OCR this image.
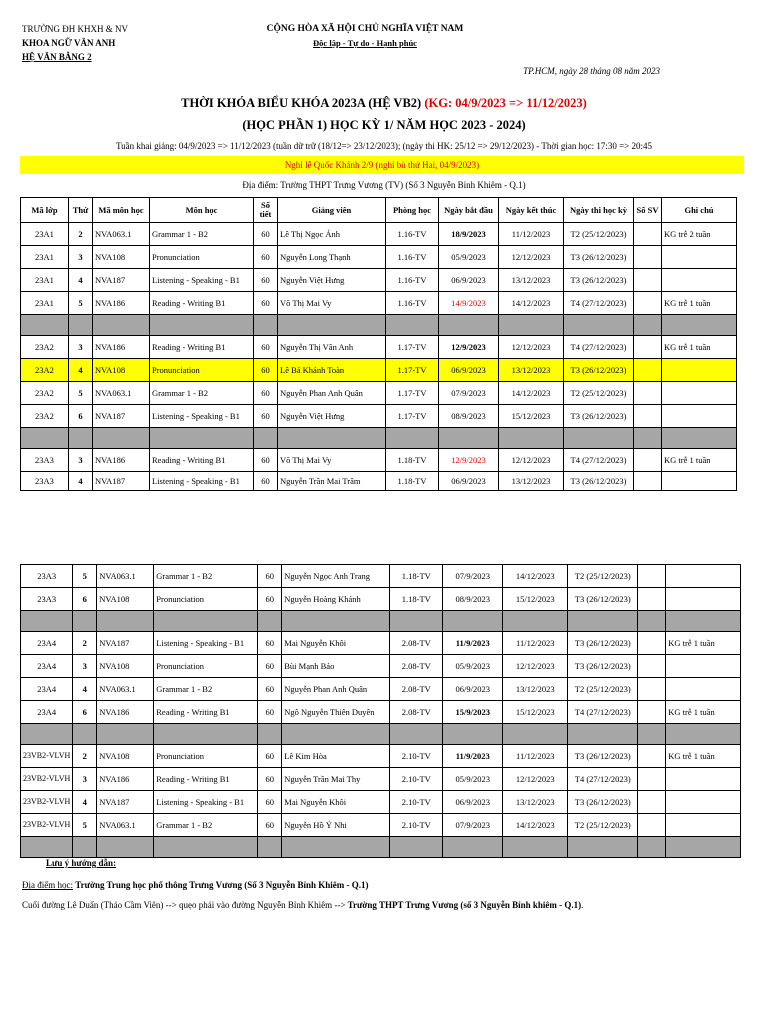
TRƯỜNG ĐH KHXH & NV
KHOA NGỮ VĂN ANH
HỆ VĂN BẰNG 2
CỘNG HÒA XÃ HỘI CHỦ NGHĨA VIỆT NAM
Độc lập - Tự do - Hạnh phúc
TP.HCM, ngày 28 tháng 08 năm 2023
THỜI KHÓA BIỂU KHÓA 2023A (HỆ VB2) (KG: 04/9/2023 => 11/12/2023)
(HỌC PHẦN 1) HỌC KỲ 1/ NĂM HỌC 2023 - 2024)
Tuần khai giảng: 04/9/2023 => 11/12/2023 (tuần dữ trữ (18/12=> 23/12/2023); (ngày thi HK: 25/12 => 29/12/2023) - Thời gian học: 17:30 => 20:45
Nghỉ lễ Quốc Khánh 2/9 (nghỉ bù thứ Hai, 04/9/2023)
Địa điểm: Trường THPT Trưng Vương (TV) (Số 3 Nguyễn Bỉnh Khiêm - Q.1)
Mã lớp	Thứ	Mã môn học	Môn học	Số tiết	Giảng viên	Phòng học	Ngày bắt đầu	Ngày kết thúc	Ngày thi học kỳ	Số SV	Ghi chú
23A1	2	NVA063.1	Grammar 1 - B2	60	Lê Thị Ngọc Ánh	1.16-TV	18/9/2023	11/12/2023	T2 (25/12/2023)		KG trễ 2 tuần
23A1	3	NVA108	Pronunciation	60	Nguyễn Long Thạnh	1.16-TV	05/9/2023	12/12/2023	T3 (26/12/2023)		
23A1	4	NVA187	Listening - Speaking - B1	60	Nguyễn Việt Hưng	1.16-TV	06/9/2023	13/12/2023	T3 (26/12/2023)		
23A1	5	NVA186	Reading - Writing B1	60	Võ Thị Mai Vy	1.16-TV	14/9/2023	14/12/2023	T4 (27/12/2023)		KG trễ 1 tuần

23A2	3	NVA186	Reading - Writing B1	60	Nguyễn Thị Vân Anh	1.17-TV	12/9/2023	12/12/2023	T4 (27/12/2023)		KG trễ 1 tuần
23A2	4	NVA108	Pronunciation	60	Lê Bá Khánh Toàn	1.17-TV	06/9/2023	13/12/2023	T3 (26/12/2023)		
23A2	5	NVA063.1	Grammar 1 - B2	60	Nguyễn Phan Anh Quân	1.17-TV	07/9/2023	14/12/2023	T2 (25/12/2023)		
23A2	6	NVA187	Listening - Speaking - B1	60	Nguyễn Việt Hưng	1.17-TV	08/9/2023	15/12/2023	T3 (26/12/2023)		

23A3	3	NVA186	Reading - Writing B1	60	Võ Thị Mai Vy	1.18-TV	12/9/2023	12/12/2023	T4 (27/12/2023)		KG trễ 1 tuần
23A3	4	NVA187	Listening - Speaking - B1	60	Nguyễn Trần Mai Trâm	1.18-TV	06/9/2023	13/12/2023	T3 (26/12/2023)		
23A3	5	NVA063.1	Grammar 1 - B2	60	Nguyễn Ngọc Anh Trang	1.18-TV	07/9/2023	14/12/2023	T2 (25/12/2023)		
23A3	6	NVA108	Pronunciation	60	Nguyễn Hoàng Khánh	1.18-TV	08/9/2023	15/12/2023	T3 (26/12/2023)		

23A4	2	NVA187	Listening - Speaking - B1	60	Mai Nguyễn Khôi	2.08-TV	11/9/2023	11/12/2023	T3 (26/12/2023)		KG trễ 1 tuần
23A4	3	NVA108	Pronunciation	60	Bùi Mạnh Bảo	2.08-TV	05/9/2023	12/12/2023	T3 (26/12/2023)		
23A4	4	NVA063.1	Grammar 1 - B2	60	Nguyễn Phan Anh Quân	2.08-TV	06/9/2023	13/12/2023	T2 (25/12/2023)		
23A4	6	NVA186	Reading - Writing B1	60	Ngô Nguyễn Thiên Duyên	2.08-TV	15/9/2023	15/12/2023	T4 (27/12/2023)		KG trễ 1 tuần

23VB2-VLVH	2	NVA108	Pronunciation	60	Lê Kim Hòa	2.10-TV	11/9/2023	11/12/2023	T3 (26/12/2023)		KG trễ 1 tuần
23VB2-VLVH	3	NVA186	Reading - Writing B1	60	Nguyễn Trần Mai Thy	2.10-TV	05/9/2023	12/12/2023	T4 (27/12/2023)		
23VB2-VLVH	4	NVA187	Listening - Speaking - B1	60	Mai Nguyễn Khôi	2.10-TV	06/9/2023	13/12/2023	T3 (26/12/2023)		
23VB2-VLVH	5	NVA063.1	Grammar 1 - B2	60	Nguyễn Hồ Ý Nhi	2.10-TV	07/9/2023	14/12/2023	T2 (25/12/2023)		

Lưu ý hướng dẫn:
Địa điểm học: Trường Trung học phổ thông Trưng Vương (Số 3 Nguyễn Bỉnh Khiêm - Q.1)
Cuối đường Lê Duẩn (Thảo Cầm Viên) --> quẹo phải vào đường Nguyễn Bỉnh Khiêm --> Trường THPT Trưng Vương (số 3 Nguyễn Bỉnh khiêm - Q.1).
